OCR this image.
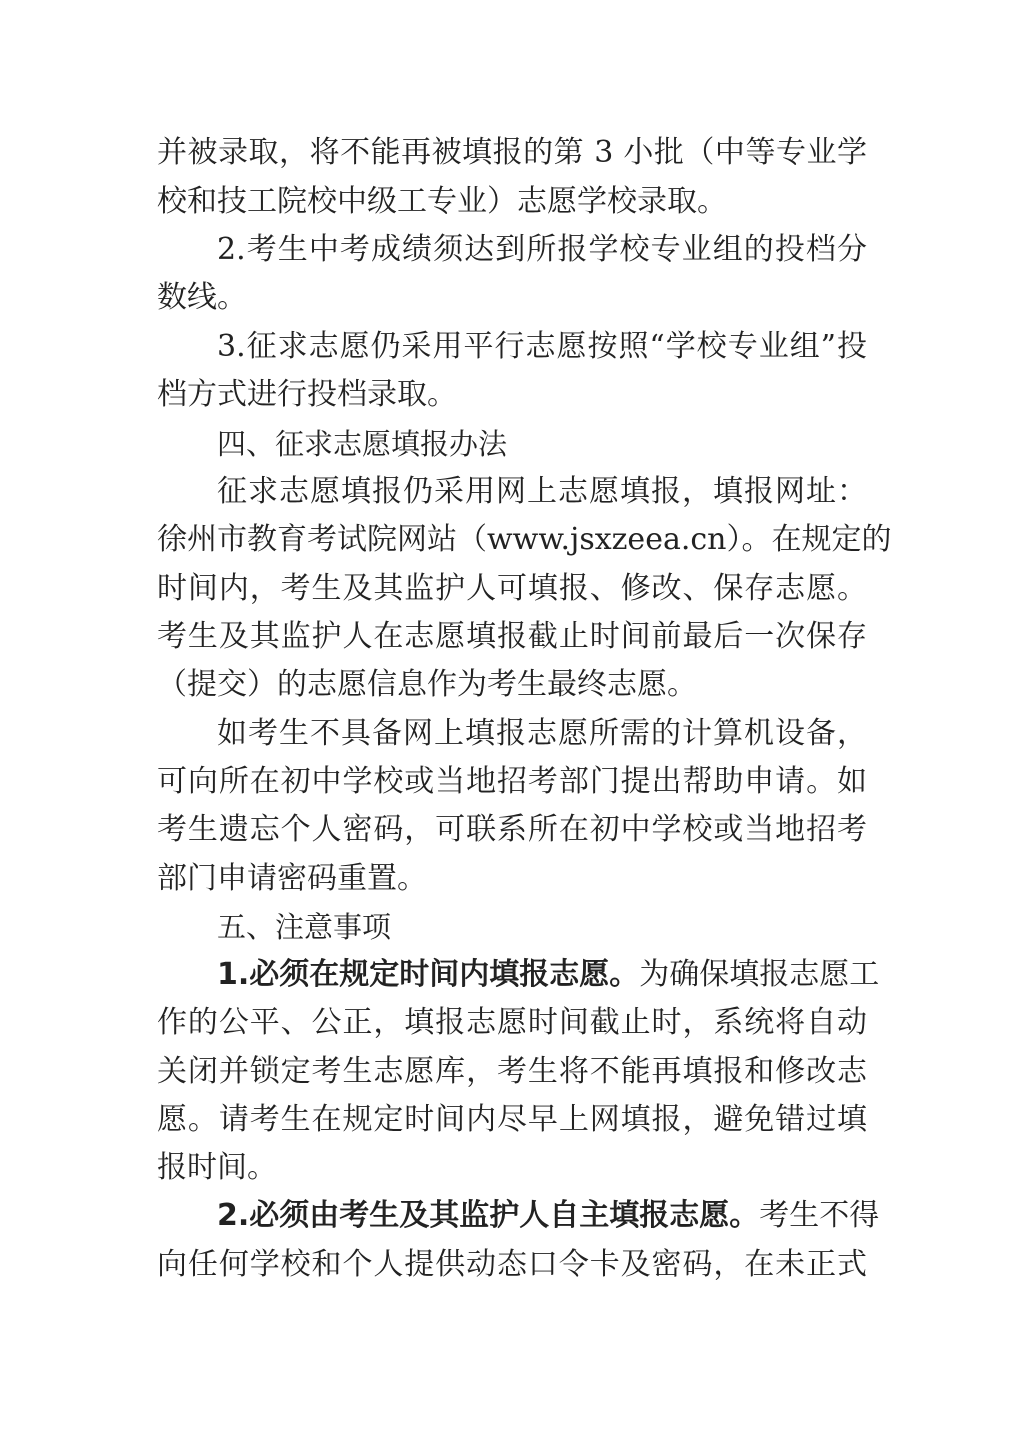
并被录取，将不能再被填报的第 3 小批（中等专业学
校和技工院校中级工专业）志愿学校录取。
2.考生中考成绩须达到所报学校专业组的投档分
数线。
3.征求志愿仍采用平行志愿按照“学校专业组”投
档方式进行投档录取。
四、征求志愿填报办法
征求志愿填报仍采用网上志愿填报，填报网址：
徐州市教育考试院网站（www.jsxzeea.cn）。在规定的
时间内，考生及其监护人可填报、修改、保存志愿。
考生及其监护人在志愿填报截止时间前最后一次保存
（提交）的志愿信息作为考生最终志愿。
如考生不具备网上填报志愿所需的计算机设备，
可向所在初中学校或当地招考部门提出帮助申请。如
考生遗忘个人密码，可联系所在初中学校或当地招考
部门申请密码重置。
五、注意事项
1.必须在规定时间内填报志愿。为确保填报志愿工
作的公平、公正，填报志愿时间截止时，系统将自动
关闭并锁定考生志愿库，考生将不能再填报和修改志
愿。请考生在规定时间内尽早上网填报，避免错过填
报时间。
2.必须由考生及其监护人自主填报志愿。考生不得
向任何学校和个人提供动态口令卡及密码，在未正式
